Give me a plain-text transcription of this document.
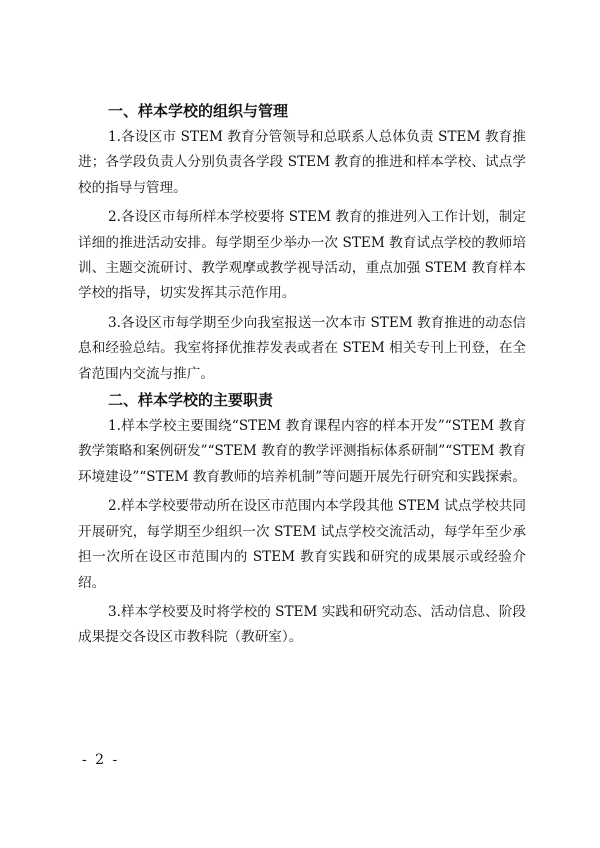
一、样本学校的组织与管理

1.各设区市 STEM 教育分管领导和总联系人总体负责 STEM 教育推进；各学段负责人分别负责各学段 STEM 教育的推进和样本学校、试点学校的指导与管理。

2.各设区市每所样本学校要将 STEM 教育的推进列入工作计划，制定详细的推进活动安排。每学期至少举办一次 STEM 教育试点学校的教师培训、主题交流研讨、教学观摩或教学视导活动，重点加强 STEM 教育样本学校的指导，切实发挥其示范作用。

3.各设区市每学期至少向我室报送一次本市 STEM 教育推进的动态信息和经验总结。我室将择优推荐发表或者在 STEM 相关专刊上刊登，在全省范围内交流与推广。

二、样本学校的主要职责

1.样本学校主要围绕“STEM 教育课程内容的样本开发”“STEM 教育教学策略和案例研发”“STEM 教育的教学评测指标体系研制”“STEM 教育环境建设”“STEM 教育教师的培养机制”等问题开展先行研究和实践探索。

2.样本学校要带动所在设区市范围内本学段其他 STEM 试点学校共同开展研究，每学期至少组织一次 STEM 试点学校交流活动，每学年至少承担一次所在设区市范围内的 STEM 教育实践和研究的成果展示或经验介绍。

3.样本学校要及时将学校的 STEM 实践和研究动态、活动信息、阶段成果提交各设区市教科院（教研室）。

- 2 -
